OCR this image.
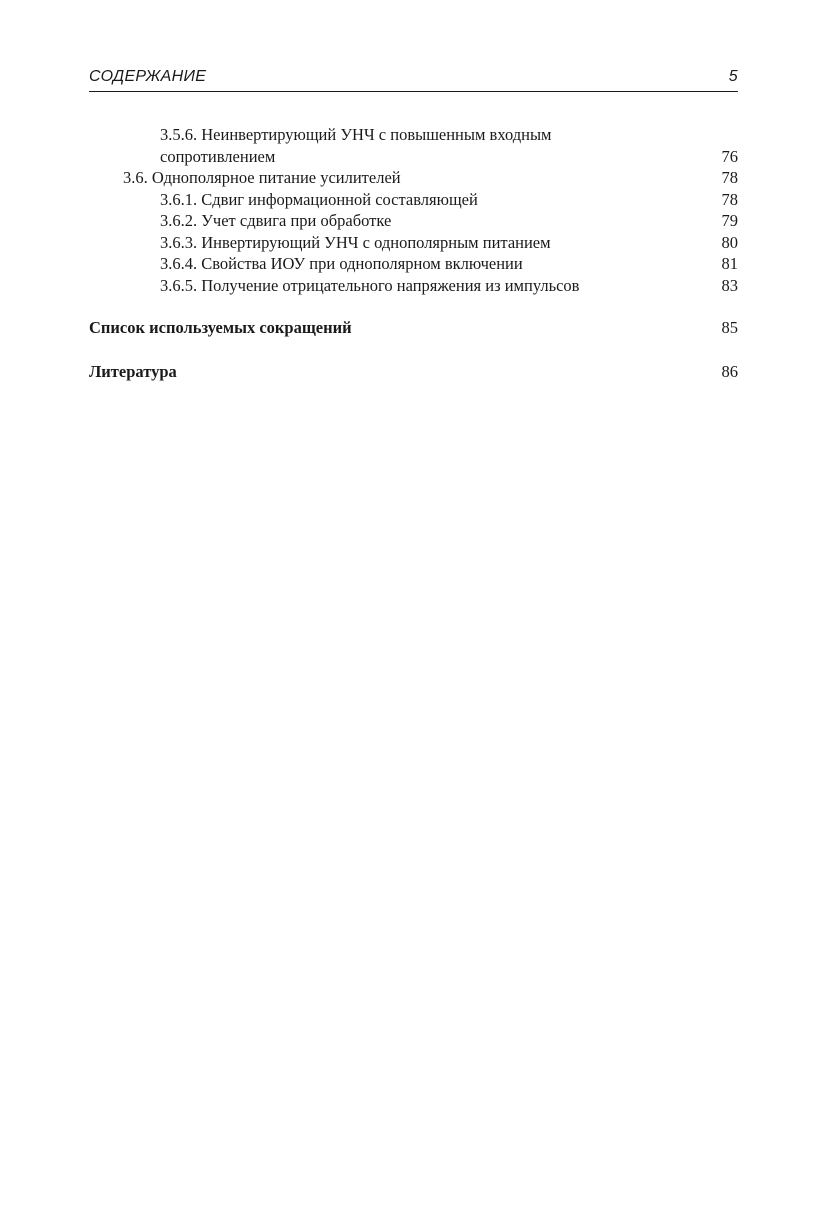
СОДЕРЖАНИЕ	5
3.5.6. Неинвертирующий УНЧ с повышенным входным
сопротивлением	76
3.6. Однополярное питание усилителей	78
3.6.1. Сдвиг информационной составляющей	78
3.6.2. Учет сдвига при обработке	79
3.6.3. Инвертирующий УНЧ с однополярным питанием	80
3.6.4. Свойства ИОУ при однополярном включении	81
3.6.5. Получение отрицательного напряжения из импульсов	83
Список используемых сокращений	85
Литература	86
